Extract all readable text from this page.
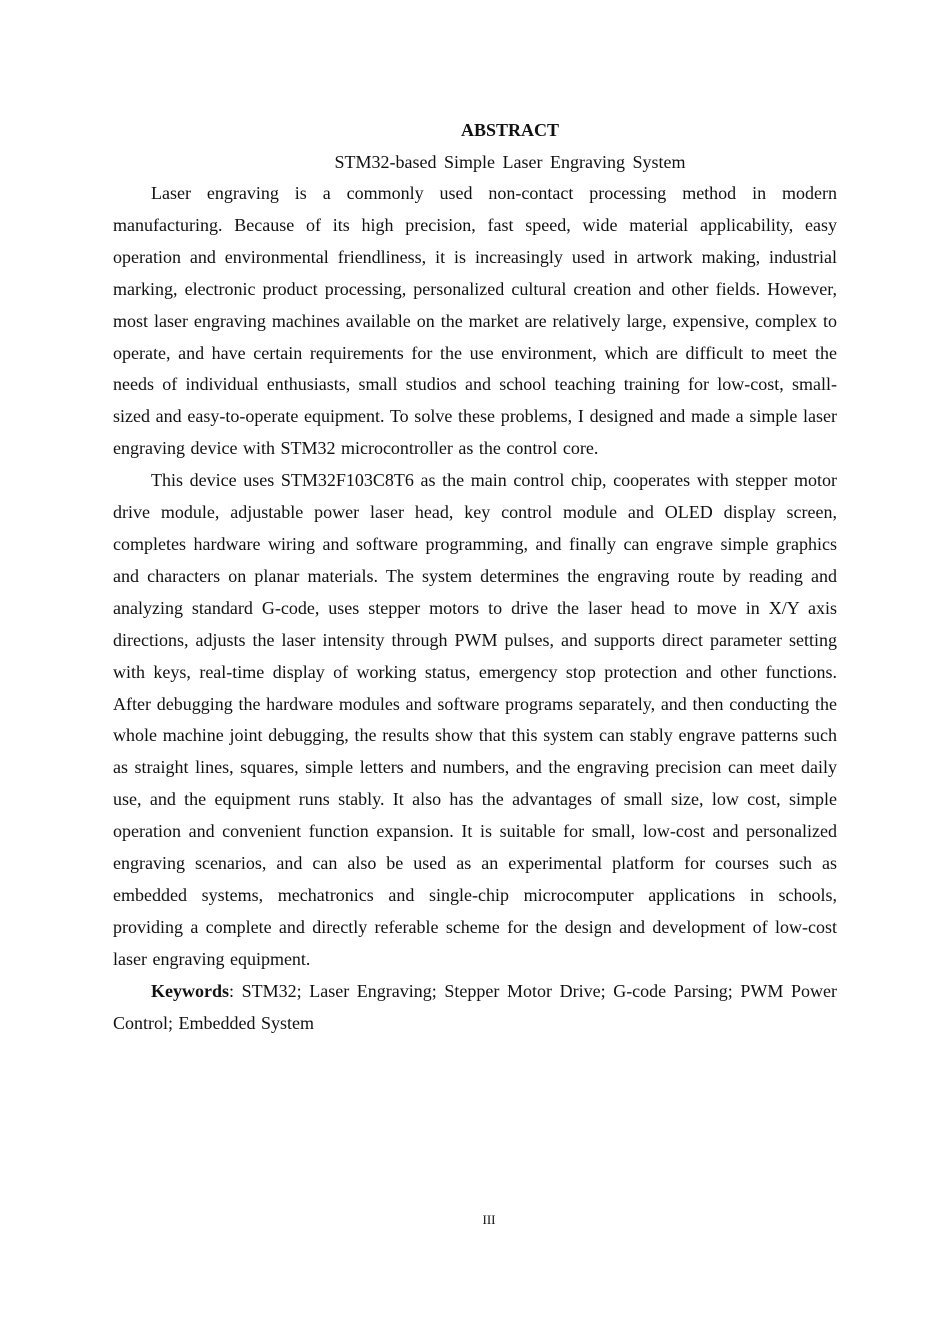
ABSTRACT
STM32-based Simple Laser Engraving System

Laser engraving is a commonly used non-contact processing method in modern manufacturing. Because of its high precision, fast speed, wide material applicability, easy operation and environmental friendliness, it is increasingly used in artwork making, industrial marking, electronic product processing, personalized cultural creation and other fields. However, most laser engraving machines available on the market are relatively large, expensive, complex to operate, and have certain requirements for the use environment, which are difficult to meet the needs of individual enthusiasts, small studios and school teaching training for low-cost, small-sized and easy-to-operate equipment. To solve these problems, I designed and made a simple laser engraving device with STM32 microcontroller as the control core.

This device uses STM32F103C8T6 as the main control chip, cooperates with stepper motor drive module, adjustable power laser head, key control module and OLED display screen, completes hardware wiring and software programming, and finally can engrave simple graphics and characters on planar materials. The system determines the engraving route by reading and analyzing standard G-code, uses stepper motors to drive the laser head to move in X/Y axis directions, adjusts the laser intensity through PWM pulses, and supports direct parameter setting with keys, real-time display of working status, emergency stop protection and other functions. After debugging the hardware modules and software programs separately, and then conducting the whole machine joint debugging, the results show that this system can stably engrave patterns such as straight lines, squares, simple letters and numbers, and the engraving precision can meet daily use, and the equipment runs stably. It also has the advantages of small size, low cost, simple operation and convenient function expansion. It is suitable for small, low-cost and personalized engraving scenarios, and can also be used as an experimental platform for courses such as embedded systems, mechatronics and single-chip microcomputer applications in schools, providing a complete and directly referable scheme for the design and development of low-cost laser engraving equipment.

Keywords: STM32; Laser Engraving; Stepper Motor Drive; G-code Parsing; PWM Power Control; Embedded System

III
